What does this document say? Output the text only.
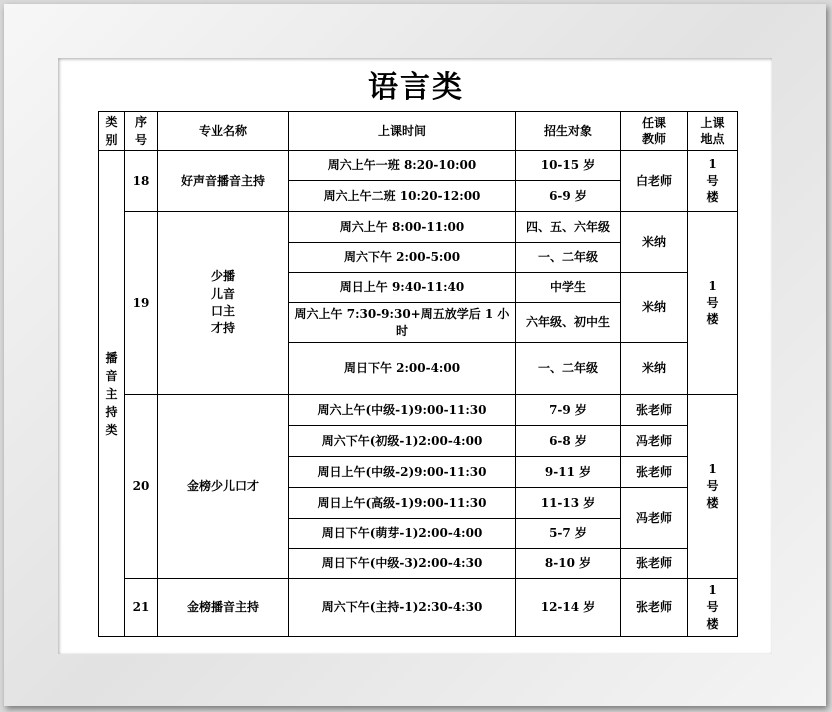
语言类
类别	序号	专业名称	上课时间	招生对象	任课教师	上课地点
播音主持类	18	好声音播音主持	周六上午一班 8:20-10:00	10-15 岁	白老师	1号楼
			周六上午二班 10:20-12:00	6-9 岁		
	19	少播儿音口主才持	周六上午 8:00-11:00	四、五、六年级	米纳	1号楼
			周六下午 2:00-5:00	一、二年级		
			周日上午 9:40-11:40	中学生	米纳	
			周六上午 7:30-9:30+周五放学后 1 小时	六年级、初中生		
			周日下午 2:00-4:00	一、二年级	米纳	
	20	金榜少儿口才	周六上午(中级-1)9:00-11:30	7-9 岁	张老师	1号楼
			周六下午(初级-1)2:00-4:00	6-8 岁	冯老师	
			周日上午(中级-2)9:00-11:30	9-11 岁	张老师	
			周日上午(高级-1)9:00-11:30	11-13 岁	冯老师	
			周日下午(萌芽-1)2:00-4:00	5-7 岁		
			周日下午(中级-3)2:00-4:30	8-10 岁	张老师	
	21	金榜播音主持	周六下午(主持-1)2:30-4:30	12-14 岁	张老师	1号楼
